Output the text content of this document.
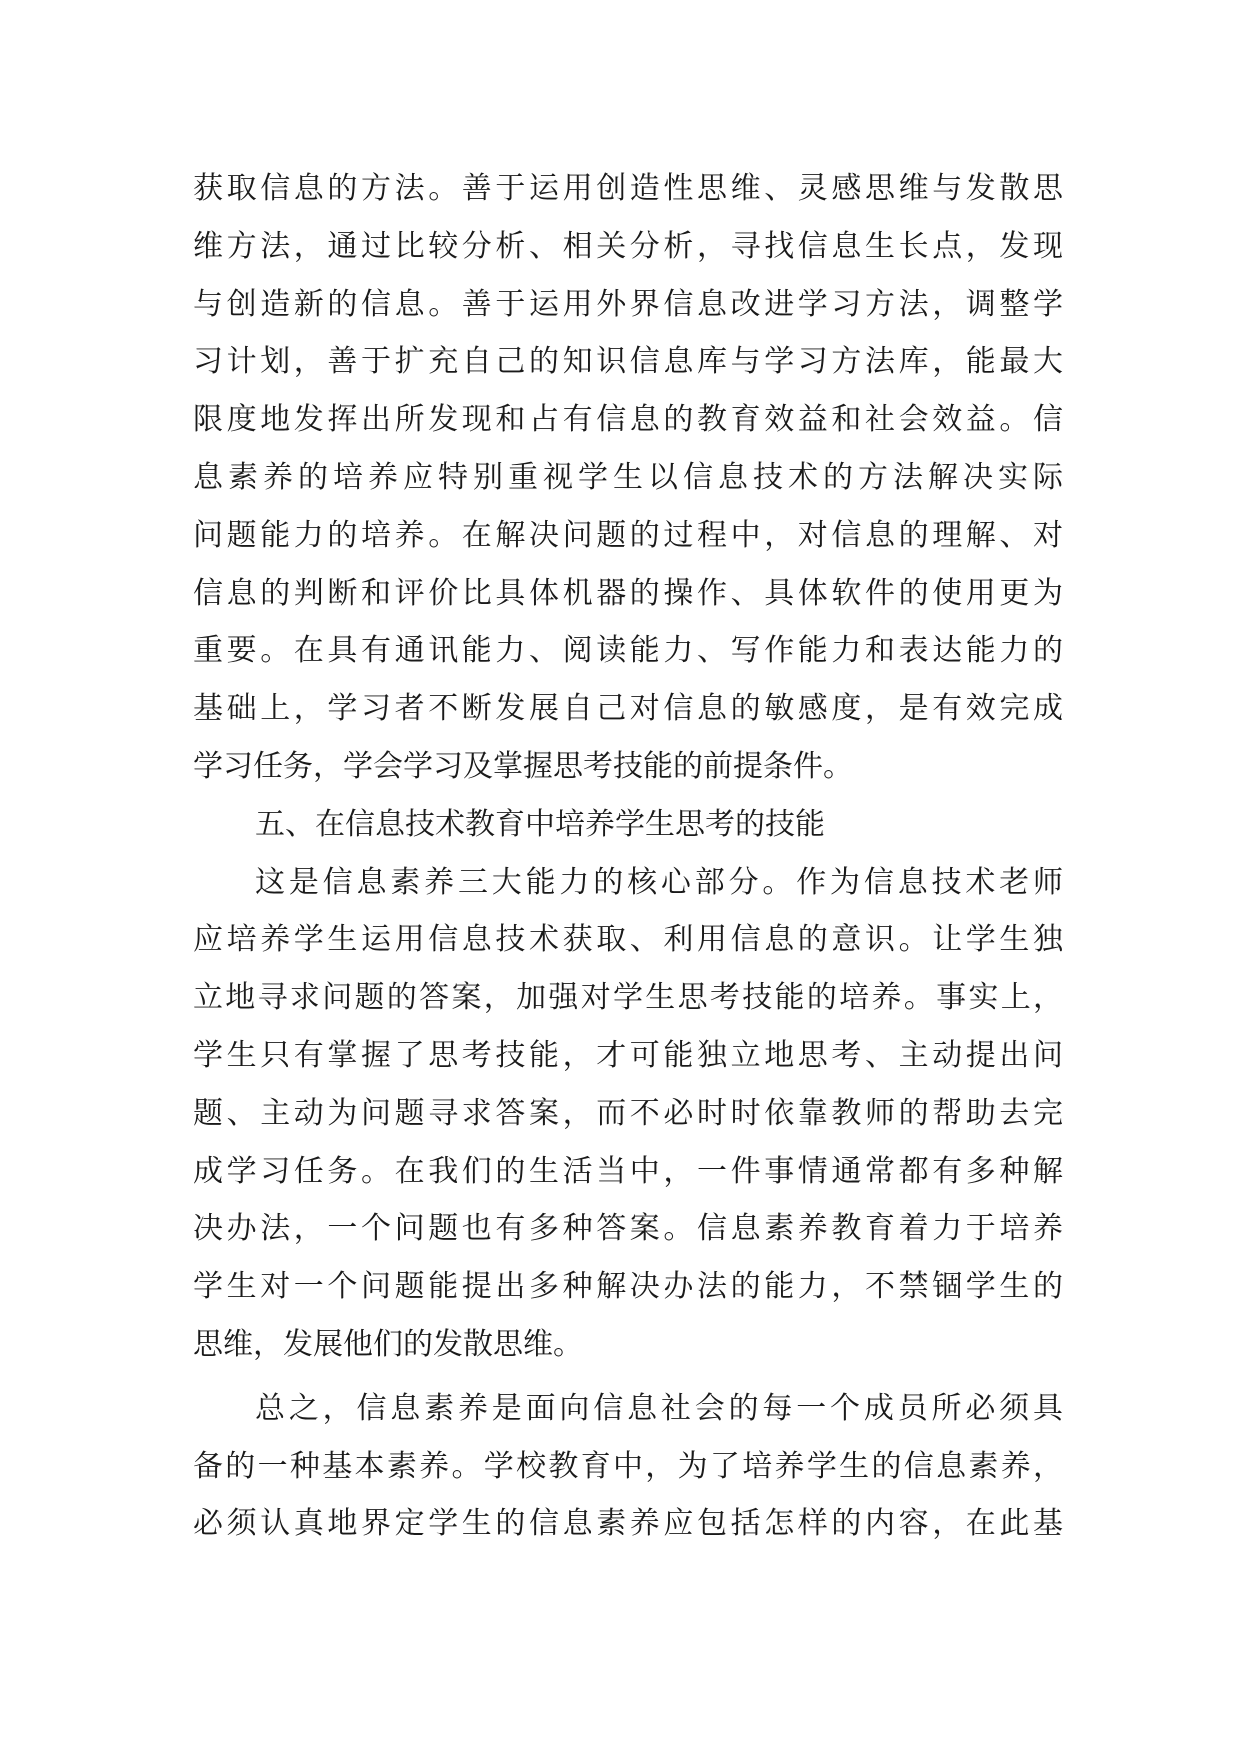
获取信息的方法。善于运用创造性思维、灵感思维与发散思
维方法，通过比较分析、相关分析，寻找信息生长点，发现
与创造新的信息。善于运用外界信息改进学习方法，调整学
习计划，善于扩充自己的知识信息库与学习方法库，能最大
限度地发挥出所发现和占有信息的教育效益和社会效益。信
息素养的培养应特别重视学生以信息技术的方法解决实际
问题能力的培养。在解决问题的过程中，对信息的理解、对
信息的判断和评价比具体机器的操作、具体软件的使用更为
重要。在具有通讯能力、阅读能力、写作能力和表达能力的
基础上，学习者不断发展自己对信息的敏感度，是有效完成
学习任务，学会学习及掌握思考技能的前提条件。
五、在信息技术教育中培养学生思考的技能
这是信息素养三大能力的核心部分。作为信息技术老师
应培养学生运用信息技术获取、利用信息的意识。让学生独
立地寻求问题的答案，加强对学生思考技能的培养。事实上，
学生只有掌握了思考技能，才可能独立地思考、主动提出问
题、主动为问题寻求答案，而不必时时依靠教师的帮助去完
成学习任务。在我们的生活当中，一件事情通常都有多种解
决办法，一个问题也有多种答案。信息素养教育着力于培养
学生对一个问题能提出多种解决办法的能力，不禁锢学生的
思维，发展他们的发散思维。
总之，信息素养是面向信息社会的每一个成员所必须具
备的一种基本素养。学校教育中，为了培养学生的信息素养，
必须认真地界定学生的信息素养应包括怎样的内容，在此基
